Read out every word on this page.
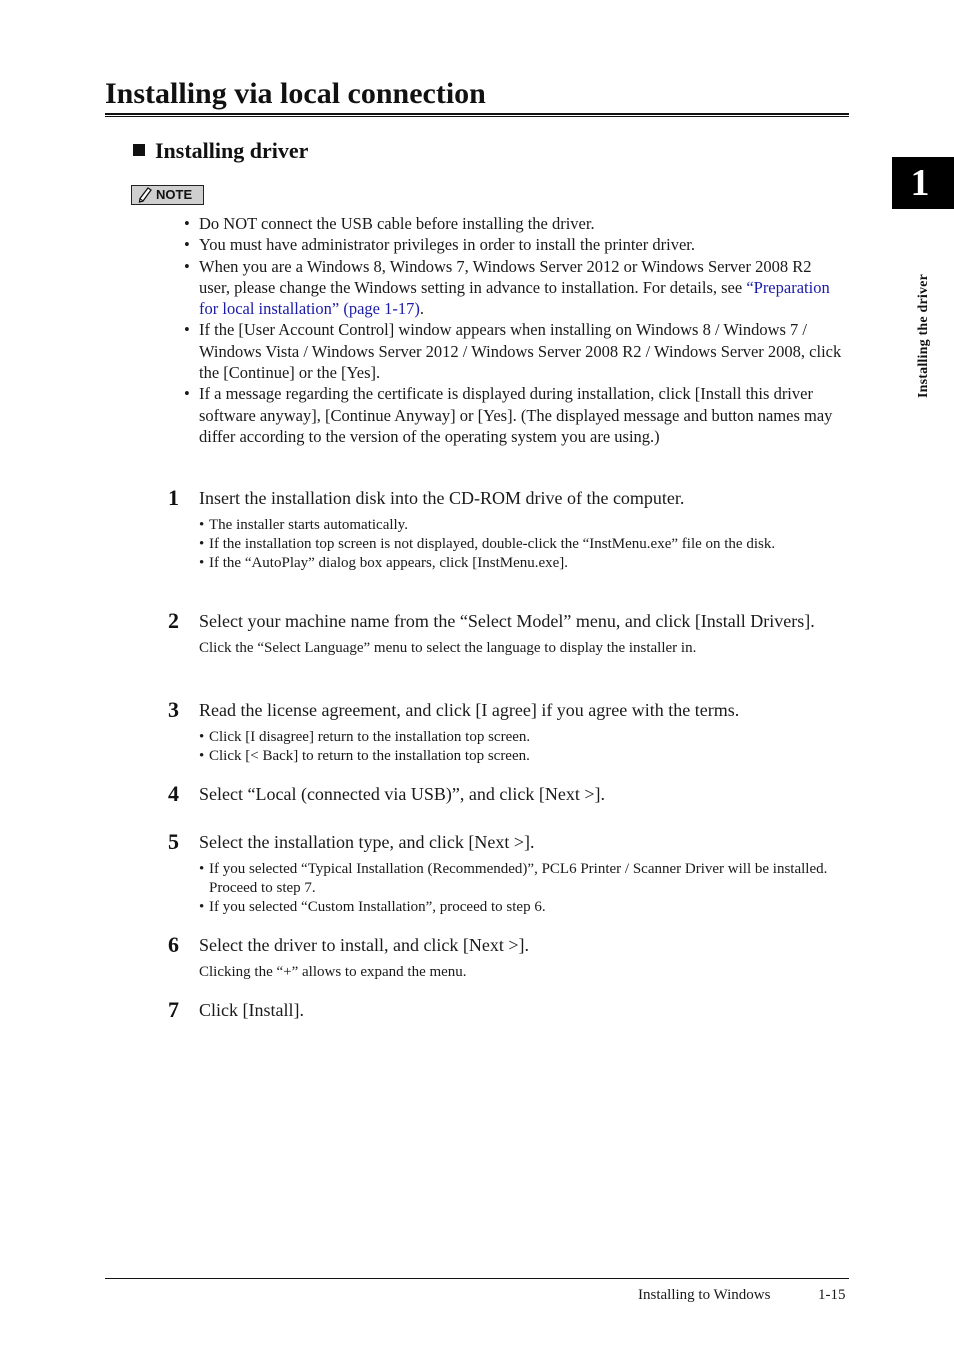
Installing via local connection
Installing driver
NOTE
• Do NOT connect the USB cable before installing the driver.
• You must have administrator privileges in order to install the printer driver.
• When you are a Windows 8, Windows 7, Windows Server 2012 or Windows Server 2008 R2 user, please change the Windows setting in advance to installation. For details, see “Preparation for local installation” (page 1-17).
• If the [User Account Control] window appears when installing on Windows 8 / Windows 7 / Windows Vista / Windows Server 2012 / Windows Server 2008 R2 / Windows Server 2008, click the [Continue] or the [Yes].
• If a message regarding the certificate is displayed during installation, click [Install this driver software anyway], [Continue Anyway] or [Yes]. (The displayed message and button names may differ according to the version of the operating system you are using.)
1	Insert the installation disk into the CD-ROM drive of the computer.
• The installer starts automatically.
• If the installation top screen is not displayed, double-click the “InstMenu.exe” file on the disk.
• If the “AutoPlay” dialog box appears, click [InstMenu.exe].
2	Select your machine name from the “Select Model” menu, and click [Install Drivers].
Click the “Select Language” menu to select the language to display the installer in.
3	Read the license agreement, and click [I agree] if you agree with the terms.
• Click [I disagree] return to the installation top screen.
• Click [< Back] to return to the installation top screen.
4	Select “Local (connected via USB)”, and click [Next >].
5	Select the installation type, and click [Next >].
• If you selected “Typical Installation (Recommended)”, PCL6 Printer / Scanner Driver will be installed. Proceed to step 7.
• If you selected “Custom Installation”, proceed to step 6.
6	Select the driver to install, and click [Next >].
Clicking the “+” allows to expand the menu.
7	Click [Install].
1
Installing the driver
Installing to Windows	1-15
